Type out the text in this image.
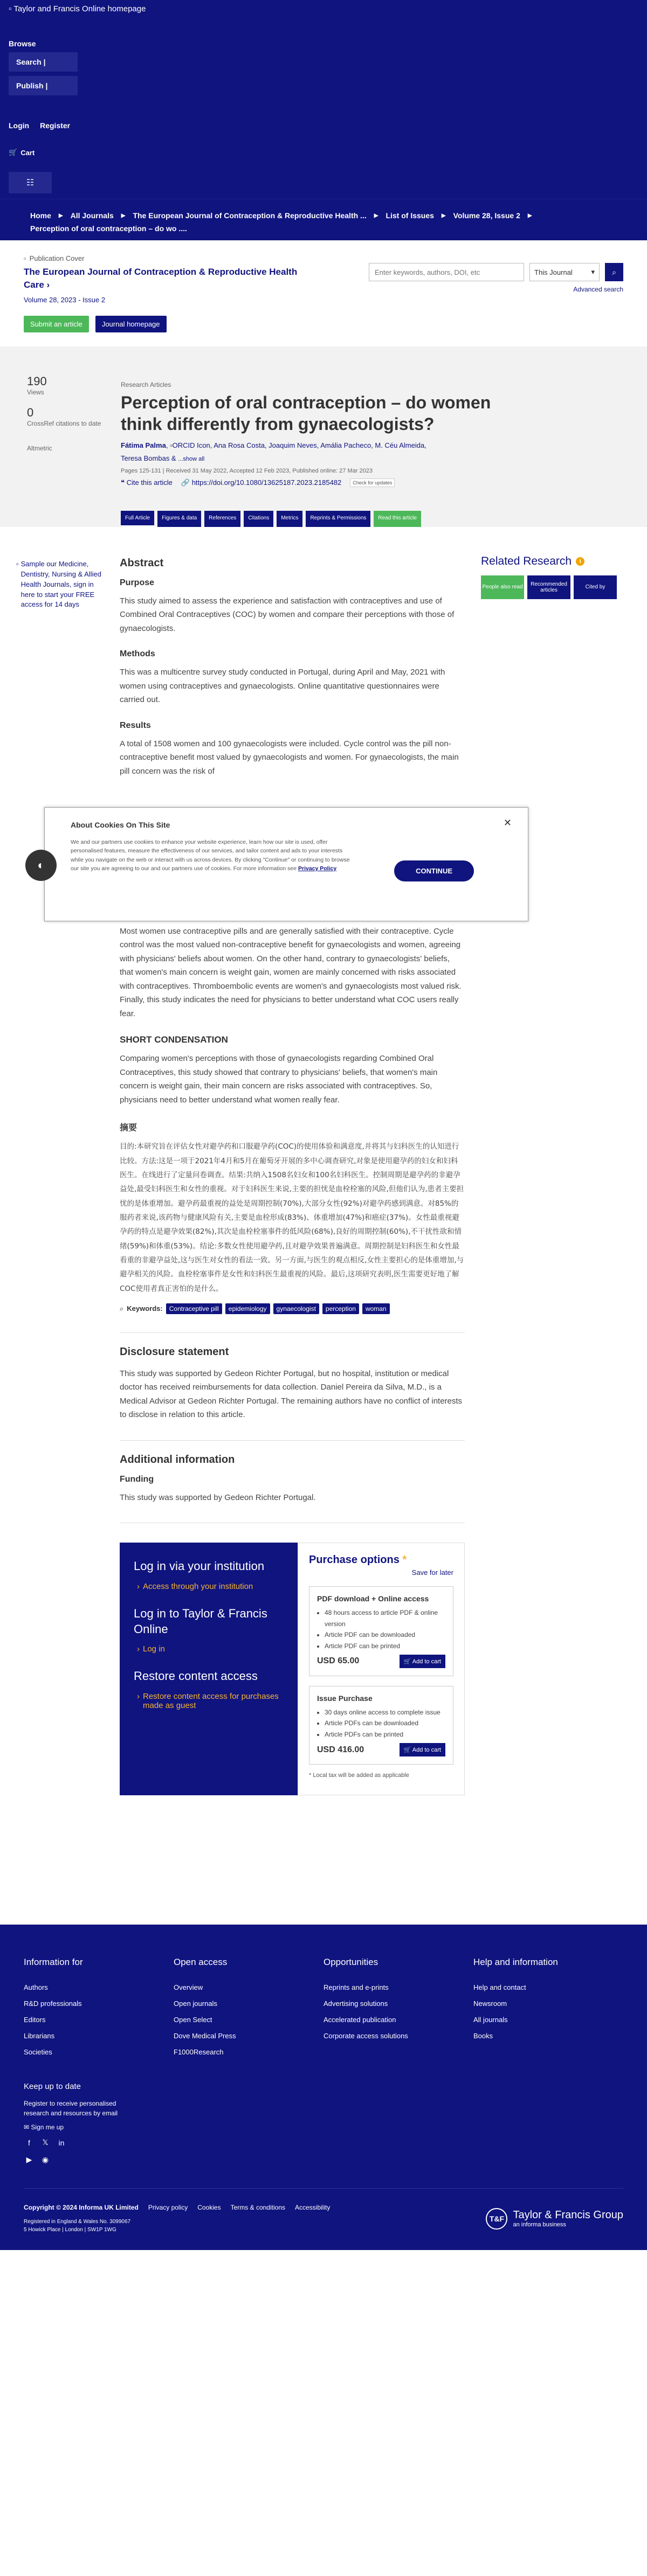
▫ Taylor and Francis Online homepage
Browse
Search |
Publish |
Login Register
🛒 Cart
☷
Home ▶ All Journals ▶ The European Journal of Contraception & Reproductive Health ... ▶ List of Issues ▶ Volume 28, Issue 2 ▶
Perception of oral contraception – do wo ....
▫ Publication Cover
The European Journal of Contraception & Reproductive Health Care ›
Volume 28, 2023 - Issue 2
Submit an article	Journal homepage
Enter keywords, authors, DOI, etc
This Journal	▾ ⌕
Advanced search
190
Views
0
CrossRef citations to date
Altmetric
Research Articles
Perception of oral contraception – do women think differently from gynaecologists?
Fátima Palma, ▫ORCID Icon, Ana Rosa Costa, Joaquim Neves, Amália Pacheco, M. Céu Almeida,
Teresa Bombas & ...show all
Pages 125-131 | Received 31 May 2022, Accepted 12 Feb 2023, Published online: 27 Mar 2023
❝ Cite this article 🔗 https://doi.org/10.1080/13625187.2023.2185482	Check for updates
Full Article	Figures & data	References	Citations	Metrics	Reprints & Permissions	Read this article
▫ Sample our Medicine, Dentistry, Nursing & Allied Health Journals, sign in here to start your FREE access for 14 days
Abstract
Purpose

This study aimed to assess the experience and satisfaction with contraceptives and use of Combined Oral Contraceptives (COC) by women and compare their perceptions with those of gynaecologists.

Methods

This was a multicentre survey study conducted in Portugal, during April and May, 2021 with women using contraceptives and gynaecologists. Online quantitative questionnaires were carried out.

Results

A total of 1508 women and 100 gynaecologists were included. Cycle control was the pill non-contraceptive benefit most valued by gynaecologists and women. For gynaecologists, the main pill concern was the risk of

Most women use contraceptive pills and are generally satisfied with their contraceptive. Cycle control was the most valued non-contraceptive benefit for gynaecologists and women, agreeing with physicians' beliefs about women. On the other hand, contrary to gynaecologists' beliefs, that women's main concern is weight gain, women are mainly concerned with risks associated with contraceptives. Thromboembolic events are women's and gynaecologists most valued risk. Finally, this study indicates the need for physicians to better understand what COC users really fear.

SHORT CONDENSATION

Comparing women's perceptions with those of gynaecologists regarding Combined Oral Contraceptives, this study showed that contrary to physicians' beliefs, that women's main concern is weight gain, their main concern are risks associated with contraceptives. So, physicians need to better understand what women really fear.

摘要

目的:本研究旨在评估女性对避孕药和口服避孕药(COC)的使用体验和满意度,并将其与妇科医生的认知进行比较。方法:这是一项于2021年4月和5月在葡萄牙开展的多中心调查研究,对象是使用避孕药的妇女和妇科医生。在线进行了定量问卷调查。结果:共纳入1508名妇女和100名妇科医生。控制周期是避孕药的非避孕益处,最受妇科医生和女性的重视。对于妇科医生来说,主要的担忧是血栓栓塞的风险,但他们认为,患者主要担忧的是体重增加。避孕药最重视的益处是周期控制(70%),大部分女性(92%)对避孕药感到满意。对85%的服药者来说,该药物与健康风险有关,主要是血栓形成(83%)、体重增加(47%)和癌症(37%)。女性最重视避孕药的特点是避孕效果(82%),其次是血栓栓塞事件的低风险(68%),良好的周期控制(60%),不干扰性欲和情绪(59%)和体重(53%)。结论:多数女性使用避孕药,且对避孕效果普遍满意。周期控制是妇科医生和女性最看重的非避孕益处,这与医生对女性的看法一致。另一方面,与医生的观点相反,女性主要担心的是体重增加,与避孕相关的风险。血栓栓塞事件是女性和妇科医生最重视的风险。最后,这项研究表明,医生需要更好地了解COC使用者真正害怕的是什么。

⌕ Keywords:	Contraceptive pill	epidemiology	gynaecologist	perception	woman
Disclosure statement

This study was supported by Gedeon Richter Portugal, but no hospital, institution or medical doctor has received reimbursements for data collection. Daniel Pereira da Silva, M.D., is a Medical Advisor at Gedeon Richter Portugal. The remaining authors have no conflict of interests to disclose in relation to this article.

Additional information
Funding

This study was supported by Gedeon Richter Portugal.

Log in via your institution
› Access through your institution
Log in to Taylor & Francis Online
› Log in
Restore content access
› Restore content access for purchases made as guest
Purchase options *
Save for later
PDF download + Online access
• 48 hours access to article PDF & online version
• Article PDF can be downloaded
• Article PDF can be printed
USD 65.00	🛒 Add to cart
Issue Purchase
• 30 days online access to complete issue
• Article PDFs can be downloaded
• Article PDFs can be printed
USD 416.00	🛒 Add to cart
* Local tax will be added as applicable
Related Research	i
People also read	Recommended articles	Cited by
◐
About Cookies On This Site
We and our partners use cookies to enhance your website experience, learn how our site is used, offer personalised features, measure the effectiveness of our services, and tailor content and ads to your interests while you navigate on the web or interact with us across devices. By clicking "Continue" or continuing to browse our site you are agreeing to our and our partners use of cookies. For more information see Privacy Policy
✕
CONTINUE
Information for
Authors
R&D professionals
Editors
Librarians
Societies
Open access
Overview
Open journals
Open Select
Dove Medical Press
F1000Research
Opportunities
Reprints and e-prints
Advertising solutions
Accelerated publication
Corporate access solutions
Help and information
Help and contact
Newsroom
All journals
Books
Keep up to date
Register to receive personalised research and resources by email
✉ Sign me up
f	𝕏	in
▶	◉
Copyright © 2024 Informa UK Limited Privacy policy Cookies Terms & conditions Accessibility
Registered in England & Wales No. 3099067
5 Howick Place | London | SW1P 1WG
T&F Taylor & Francis Group
an informa business
